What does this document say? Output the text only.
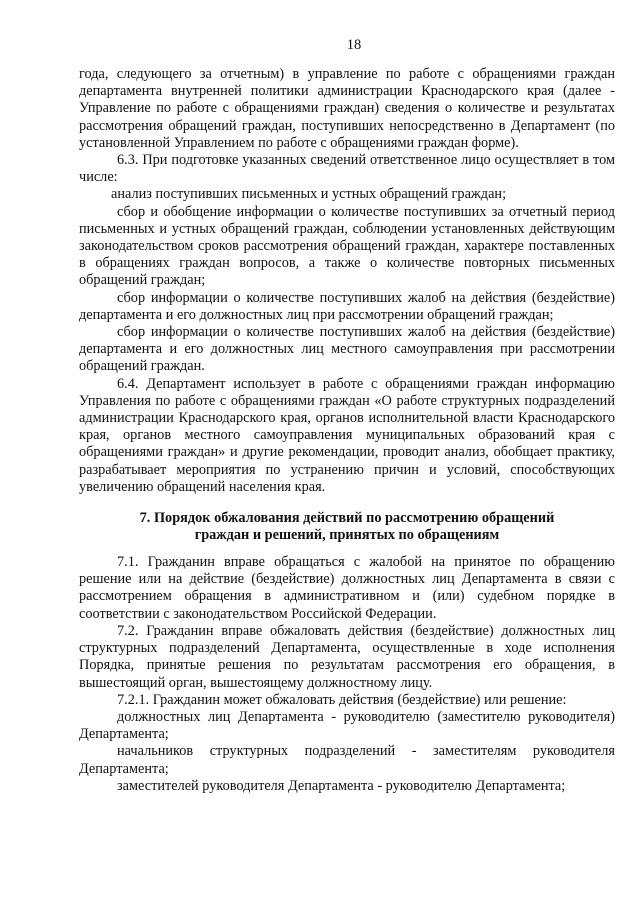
18

года, следующего за отчетным) в управление по работе с обращениями граждан департамента внутренней политики администрации Краснодарского края (далее - Управление по работе с обращениями граждан) сведения о количестве и результатах рассмотрения обращений граждан, поступивших непосредственно в Департамент (по установленной Управлением по работе с обращениями граждан форме).

6.3. При подготовке указанных сведений ответственное лицо осуществляет в том числе:

анализ поступивших письменных и устных обращений граждан;

сбор и обобщение информации о количестве поступивших за отчетный период письменных и устных обращений граждан, соблюдении установленных действующим законодательством сроков рассмотрения обращений граждан, характере поставленных в обращениях граждан вопросов, а также о количестве повторных письменных обращений граждан;

сбор информации о количестве поступивших жалоб на действия (бездействие) департамента и его должностных лиц при рассмотрении обращений граждан;

сбор информации о количестве поступивших жалоб на действия (бездействие) департамента и его должностных лиц местного самоуправления при рассмотрении обращений граждан.

6.4. Департамент использует в работе с обращениями граждан информацию Управления по работе с обращениями граждан «О работе структурных подразделений администрации Краснодарского края, органов исполнительной власти Краснодарского края, органов местного самоуправления муниципальных образований края с обращениями граждан» и другие рекомендации, проводит анализ, обобщает практику, разрабатывает мероприятия по устранению причин и условий, способствующих увеличению обращений населения края.

7. Порядок обжалования действий по рассмотрению обращений
граждан и решений, принятых по обращениям

7.1. Гражданин вправе обращаться с жалобой на принятое по обращению решение или на действие (бездействие) должностных лиц Департамента в связи с рассмотрением обращения в административном и (или) судебном порядке в соответствии с законодательством Российской Федерации.

7.2. Гражданин вправе обжаловать действия (бездействие) должностных лиц структурных подразделений Департамента, осуществленные в ходе исполнения Порядка, принятые решения по результатам рассмотрения его обращения, в вышестоящий орган, вышестоящему должностному лицу.

7.2.1. Гражданин может обжаловать действия (бездействие) или решение:

должностных лиц Департамента - руководителю (заместителю руководителя) Департамента;

начальников структурных подразделений - заместителям руководителя Департамента;

заместителей руководителя Департамента - руководителю Департамента;
